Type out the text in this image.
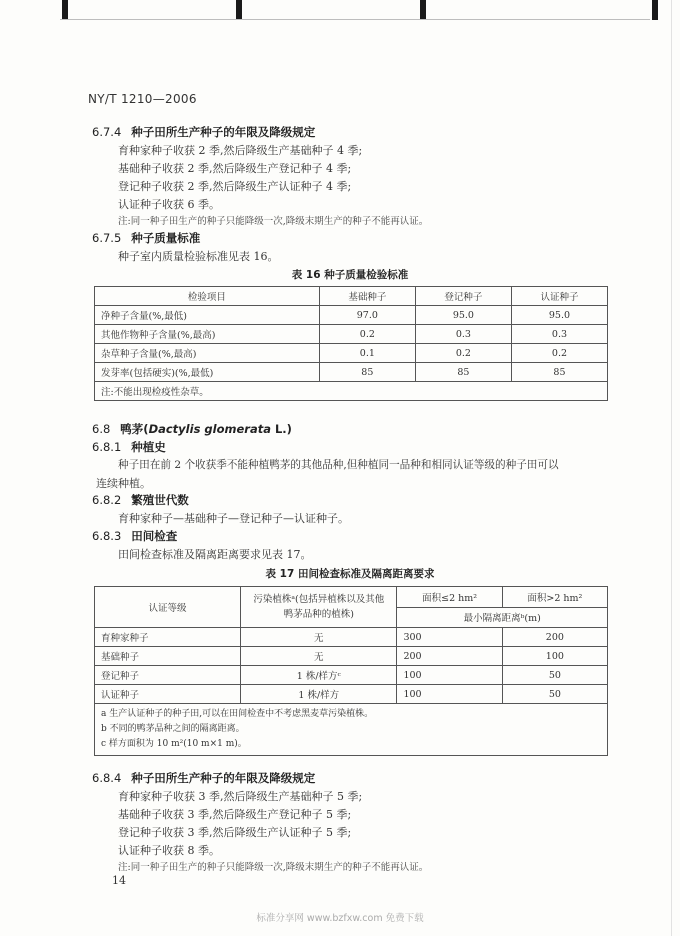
NY/T 1210—2006
6.7.4 种子田所生产种子的年限及降级规定
育种家种子收获 2 季,然后降级生产基础种子 4 季;
基础种子收获 2 季,然后降级生产登记种子 4 季;
登记种子收获 2 季,然后降级生产认证种子 4 季;
认证种子收获 6 季。
注:同一种子田生产的种子只能降级一次,降级末期生产的种子不能再认证。
6.7.5 种子质量标准
种子室内质量检验标准见表 16。
表 16 种子质量检验标准
检验项目	基础种子	登记种子	认证种子
净种子含量(%,最低)	97.0	95.0	95.0
其他作物种子含量(%,最高)	0.2	0.3	0.3
杂草种子含量(%,最高)	0.1	0.2	0.2
发芽率(包括硬实)(%,最低)	85	85	85
注:不能出现检疫性杂草。			
6.8 鸭茅(Dactylis glomerata L.)
6.8.1 种植史
种子田在前 2 个收获季不能种植鸭茅的其他品种,但种植同一品种和相同认证等级的种子田可以
连续种植。
6.8.2 繁殖世代数
育种家种子—基础种子—登记种子—认证种子。
6.8.3 田间检查
田间检查标准及隔离距离要求见表 17。
表 17 田间检查标准及隔离距离要求
认证等级	污染植株ᵃ(包括异植株以及其他
鸭茅品种的植株)	面积≤2 hm²	面积>2 hm²
		最小隔离距离ᵇ(m)	
育种家种子	无	300	200
基础种子	无	200	100
登记种子	1 株/样方ᶜ	100	50
认证种子	1 株/样方	100	50

a 生产认证种子的种子田,可以在田间检查中不考虑黑麦草污染植株。
b 不同的鸭茅品种之间的隔离距离。
c 样方面积为 10 m²(10 m×1 m)。			
6.8.4 种子田所生产种子的年限及降级规定
育种家种子收获 3 季,然后降级生产基础种子 5 季;
基础种子收获 3 季,然后降级生产登记种子 5 季;
登记种子收获 3 季,然后降级生产认证种子 5 季;
认证种子收获 8 季。
注:同一种子田生产的种子只能降级一次,降级末期生产的种子不能再认证。
14
标准分享网 www.bzfxw.com 免费下载
